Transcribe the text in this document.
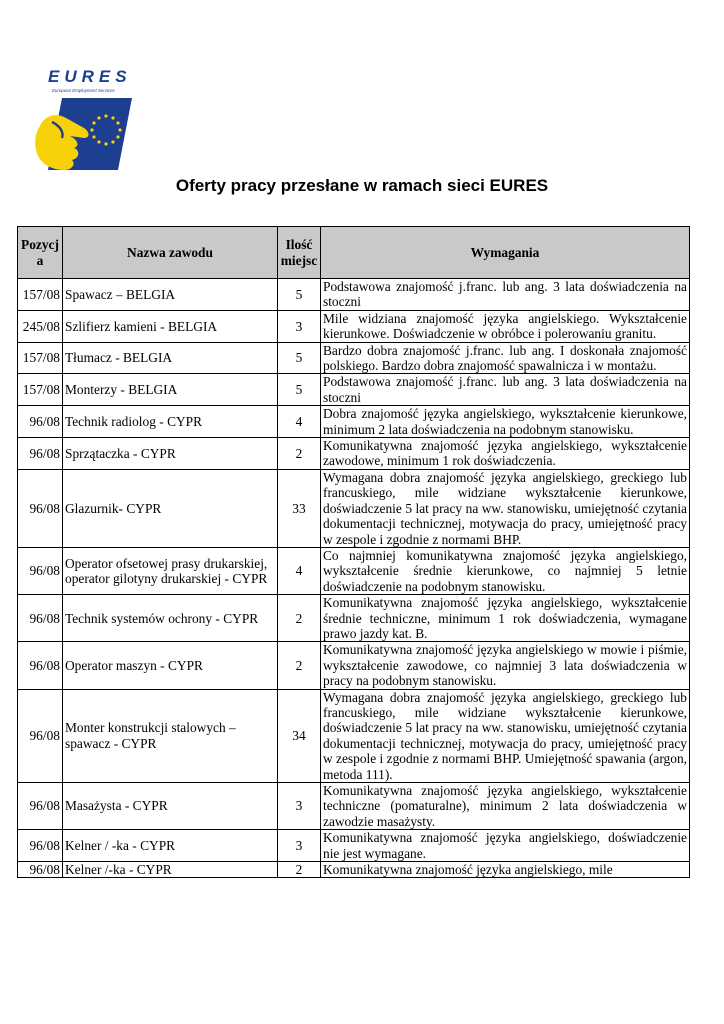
EURES
European Employment Services
Oferty pracy przesłane w ramach sieci EURES
Pozycja	Nazwa zawodu	Ilość miejsc	Wymagania
157/08	Spawacz – BELGIA	5	Podstawowa znajomość j.franc. lub ang. 3 lata doświadczenia na stoczni
245/08	Szlifierz kamieni - BELGIA	3	Mile widziana znajomość języka angielskiego. Wykształcenie kierunkowe. Doświadczenie w obróbce i polerowaniu granitu.
157/08	Tłumacz - BELGIA	5	Bardzo dobra znajomość j.franc. lub ang. I doskonała znajomość polskiego. Bardzo dobra znajomość spawalnicza i w montażu.
157/08	Monterzy - BELGIA	5	Podstawowa znajomość j.franc. lub ang. 3 lata doświadczenia na stoczni
96/08	Technik radiolog - CYPR	4	Dobra znajomość języka angielskiego, wykształcenie kierunkowe, minimum 2 lata doświadczenia na podobnym stanowisku.
96/08	Sprzątaczka - CYPR	2	Komunikatywna znajomość języka angielskiego, wykształcenie zawodowe, minimum 1 rok doświadczenia.
96/08	Glazurnik- CYPR	33	Wymagana dobra znajomość języka angielskiego, greckiego lub francuskiego, mile widziane wykształcenie kierunkowe, doświadczenie 5 lat pracy na ww. stanowisku, umiejętność czytania dokumentacji technicznej, motywacja do pracy, umiejętność pracy w zespole i zgodnie z normami BHP.
96/08	Operator ofsetowej prasy drukarskiej, operator gilotyny drukarskiej - CYPR	4	Co najmniej komunikatywna znajomość języka angielskiego, wykształcenie średnie kierunkowe, co najmniej 5 letnie doświadczenie na podobnym stanowisku.
96/08	Technik systemów ochrony - CYPR	2	Komunikatywna znajomość języka angielskiego, wykształcenie średnie techniczne, minimum 1 rok doświadczenia, wymagane prawo jazdy kat. B.
96/08	Operator maszyn - CYPR	2	Komunikatywna znajomość języka angielskiego w mowie i piśmie, wykształcenie zawodowe, co najmniej 3 lata doświadczenia w pracy na podobnym stanowisku.
96/08	Monter konstrukcji stalowych – spawacz - CYPR	34	Wymagana dobra znajomość języka angielskiego, greckiego lub francuskiego, mile widziane wykształcenie kierunkowe, doświadczenie 5 lat pracy na ww. stanowisku, umiejętność czytania dokumentacji technicznej, motywacja do pracy, umiejętność pracy w zespole i zgodnie z normami BHP. Umiejętność spawania (argon, metoda 111).
96/08	Masażysta - CYPR	3	Komunikatywna znajomość języka angielskiego, wykształcenie techniczne (pomaturalne), minimum 2 lata doświadczenia w zawodzie masażysty.
96/08	Kelner / -ka - CYPR	3	Komunikatywna znajomość języka angielskiego, doświadczenie nie jest wymagane.
96/08	Kelner /-ka - CYPR	2	Komunikatywna znajomość języka angielskiego, mile
